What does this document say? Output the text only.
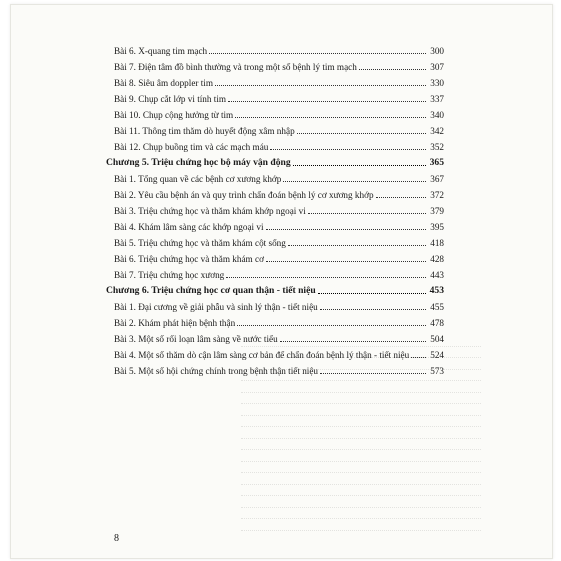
Bài 6. X-quang tim mạch	300
Bài 7. Điện tâm đồ bình thường và trong một số bệnh lý tim mạch	307
Bài 8. Siêu âm doppler tim	330
Bài 9. Chụp cắt lớp vi tính tim	337
Bài 10. Chụp cộng hưởng từ tim	340
Bài 11. Thông tim thăm dò huyết động xâm nhập	342
Bài 12. Chụp buồng tim và các mạch máu	352
Chương 5. Triệu chứng học bộ máy vận động	365
Bài 1. Tổng quan về các bệnh cơ xương khớp	367
Bài 2. Yêu cầu bệnh án và quy trình chẩn đoán bệnh lý cơ xương khớp	372
Bài 3. Triệu chứng học và thăm khám khớp ngoại vi	379
Bài 4. Khám lâm sàng các khớp ngoại vi	395
Bài 5. Triệu chứng học và thăm khám cột sống	418
Bài 6. Triệu chứng học và thăm khám cơ	428
Bài 7. Triệu chứng học xương	443
Chương 6. Triệu chứng học cơ quan thận - tiết niệu	453
Bài 1. Đại cương về giải phẫu và sinh lý thận - tiết niệu	455
Bài 2. Khám phát hiện bệnh thận	478
Bài 3. Một số rối loạn lâm sàng về nước tiểu	504
Bài 4. Một số thăm dò cận lâm sàng cơ bản để chẩn đoán bệnh lý thận - tiết niệu 524
Bài 5. Một số hội chứng chính trong bệnh thận tiết niệu	573
8
